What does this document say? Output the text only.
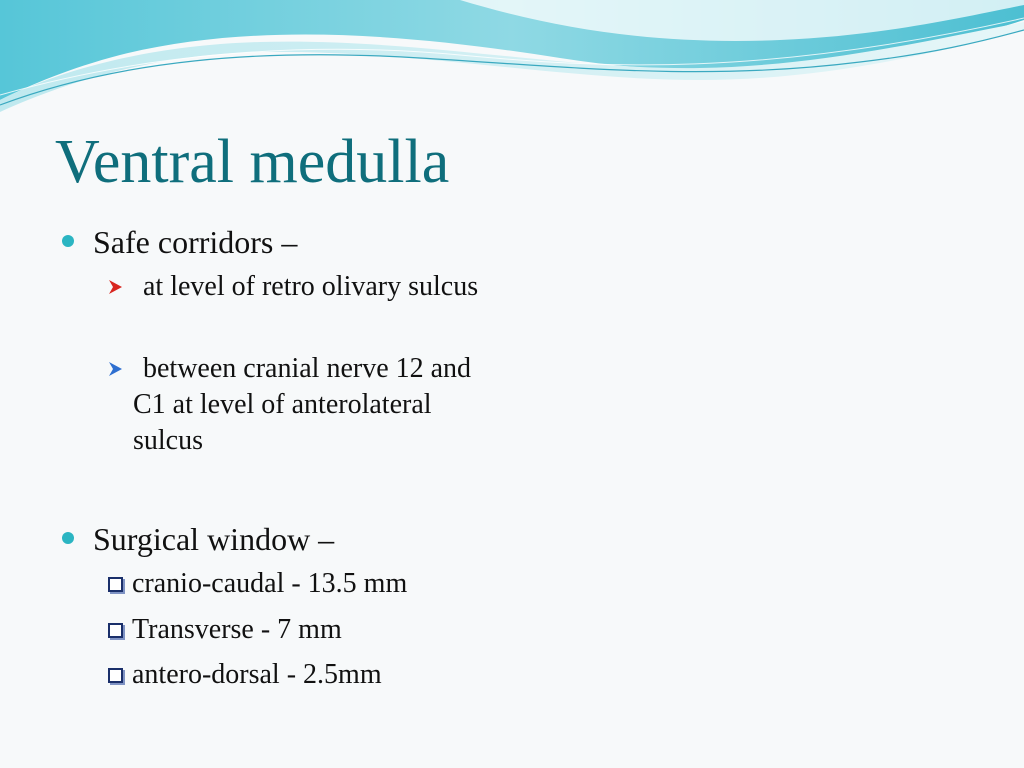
Ventral medulla
Safe corridors –
at level of retro olivary sulcus
between cranial nerve 12 and C1 at level of anterolateral sulcus
Surgical window –
cranio-caudal - 13.5 mm
Transverse - 7 mm
antero-dorsal - 2.5mm
